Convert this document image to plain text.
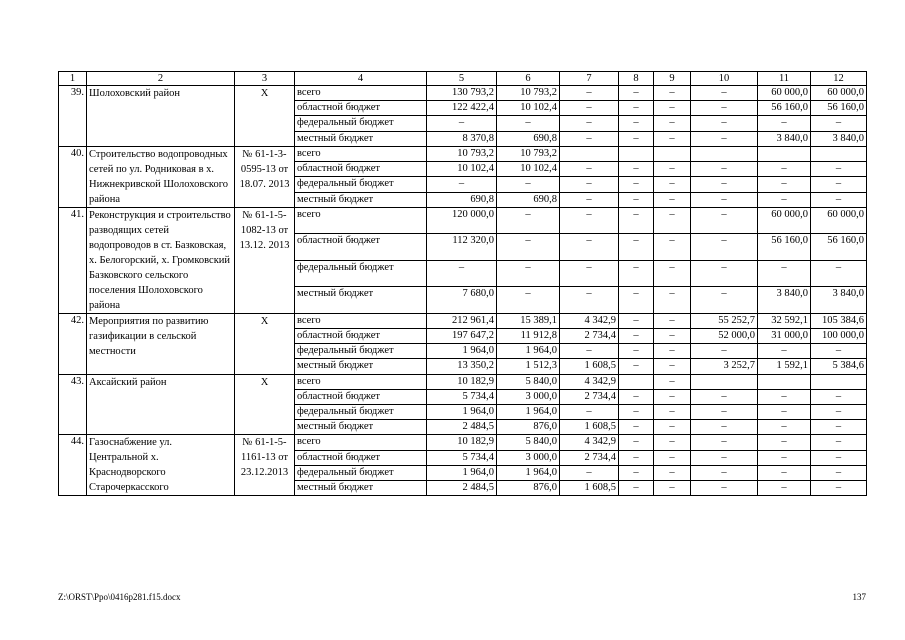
1	2	3	4	5	6	7	8	9	10	11	12
39.	Шолоховский район	Х	всего	130 793,2	10 793,2	–	–	–	–	60 000,0	60 000,0
			областной бюджет	122 422,4	10 102,4	–	–	–	–	56 160,0	56 160,0
			федеральный бюджет	–	–	–	–	–	–	–	–
			местный бюджет	8 370,8	690,8	–	–	–	–	3 840,0	3 840,0
40.	Строительство водопроводных сетей по ул. Родниковая в х. Нижнекривской Шолоховского района	№ 61-1-3-0595-13 от 18.07. 2013	всего	10 793,2	10 793,2						
			областной бюджет	10 102,4	10 102,4	–	–	–	–	–	–
			федеральный бюджет	–	–	–	–	–	–	–	–
			местный бюджет	690,8	690,8	–	–	–	–	–	–
41.	Реконструкция и строительство разводящих сетей водопроводов в ст. Базковская, х. Белогорский, х. Громковский Базковского сельского поселения Шолоховского района	№ 61-1-5-1082-13 от 13.12. 2013	всего	120 000,0	–	–	–	–	–	60 000,0	60 000,0
			областной бюджет	112 320,0	–	–	–	–	–	56 160,0	56 160,0
			федеральный бюджет	–	–	–	–	–	–	–	–
			местный бюджет	7 680,0	–	–	–	–	–	3 840,0	3 840,0
42.	Мероприятия по развитию газификации в сельской местности	Х	всего	212 961,4	15 389,1	4 342,9	–	–	55 252,7	32 592,1	105 384,6
			областной бюджет	197 647,2	11 912,8	2 734,4	–	–	52 000,0	31 000,0	100 000,0
			федеральный бюджет	1 964,0	1 964,0	–	–	–	–	–	–
			местный бюджет	13 350,2	1 512,3	1 608,5	–	–	3 252,7	1 592,1	5 384,6
43.	Аксайский район	Х	всего	10 182,9	5 840,0	4 342,9		–			
			областной бюджет	5 734,4	3 000,0	2 734,4	–	–	–	–	–
			федеральный бюджет	1 964,0	1 964,0	–	–	–	–	–	–
			местный бюджет	2 484,5	876,0	1 608,5	–	–	–	–	–
44.	Газоснабжение ул. Центральной х. Краснодворского Старочеркасского	№ 61-1-5-1161-13 от 23.12.2013	всего	10 182,9	5 840,0	4 342,9	–	–	–	–	–
			областной бюджет	5 734,4	3 000,0	2 734,4	–	–	–	–	–
			федеральный бюджет	1 964,0	1 964,0	–	–	–	–	–	–
			местный бюджет	2 484,5	876,0	1 608,5	–	–	–	–	–
Z:\ORST\Ppo\0416p281.f15.docx	137
